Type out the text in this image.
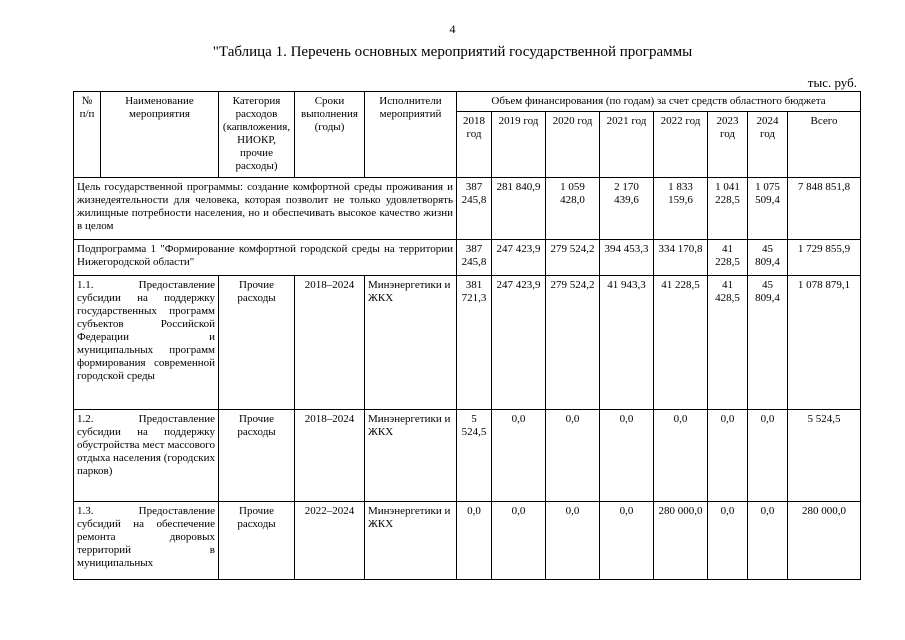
4
"Таблица 1. Перечень основных мероприятий государственной программы
тыс. руб.
№ п/п	Наименование мероприятия	Категория расходов (капвложения, НИОКР, прочие расходы)	Сроки выполнения (годы)	Исполнители мероприятий	Объем финансирования (по годам) за счет средств областного бюджета							
					2018 год	2019 год	2020 год	2021 год	2022 год	2023 год	2024 год	Всего
Цель государственной программы: создание комфортной среды проживания и жизнедеятельности для человека, которая позволит не только удовлетворять жилищные потребности населения, но и обеспечивать высокое качество жизни в целом					387 245,8	281 840,9	1 059 428,0	2 170 439,6	1 833 159,6	1 041 228,5	1 075 509,4	7 848 851,8
Подпрограмма 1 "Формирование комфортной городской среды на территории Нижегородской области"					387 245,8	247 423,9	279 524,2	394 453,3	334 170,8	41 228,5	45 809,4	1 729 855,9
1.1. Предоставление субсидии на поддержку государственных программ субъектов Российской Федерации и муниципальных программ формирования современной городской среды		Прочие расходы	2018–2024	Минэнергетики и ЖКХ	381 721,3	247 423,9	279 524,2	41 943,3	41 228,5	41 428,5	45 809,4	1 078 879,1
1.2. Предоставление субсидии на поддержку обустройства мест массового отдыха населения (городских парков)		Прочие расходы	2018–2024	Минэнергетики и ЖКХ	5 524,5	0,0	0,0	0,0	0,0	0,0	0,0	5 524,5
1.3. Предоставление субсидий на обеспечение ремонта дворовых территорий в муниципальных		Прочие расходы	2022–2024	Минэнергетики и ЖКХ	0,0	0,0	0,0	0,0	280 000,0	0,0	0,0	280 000,0
